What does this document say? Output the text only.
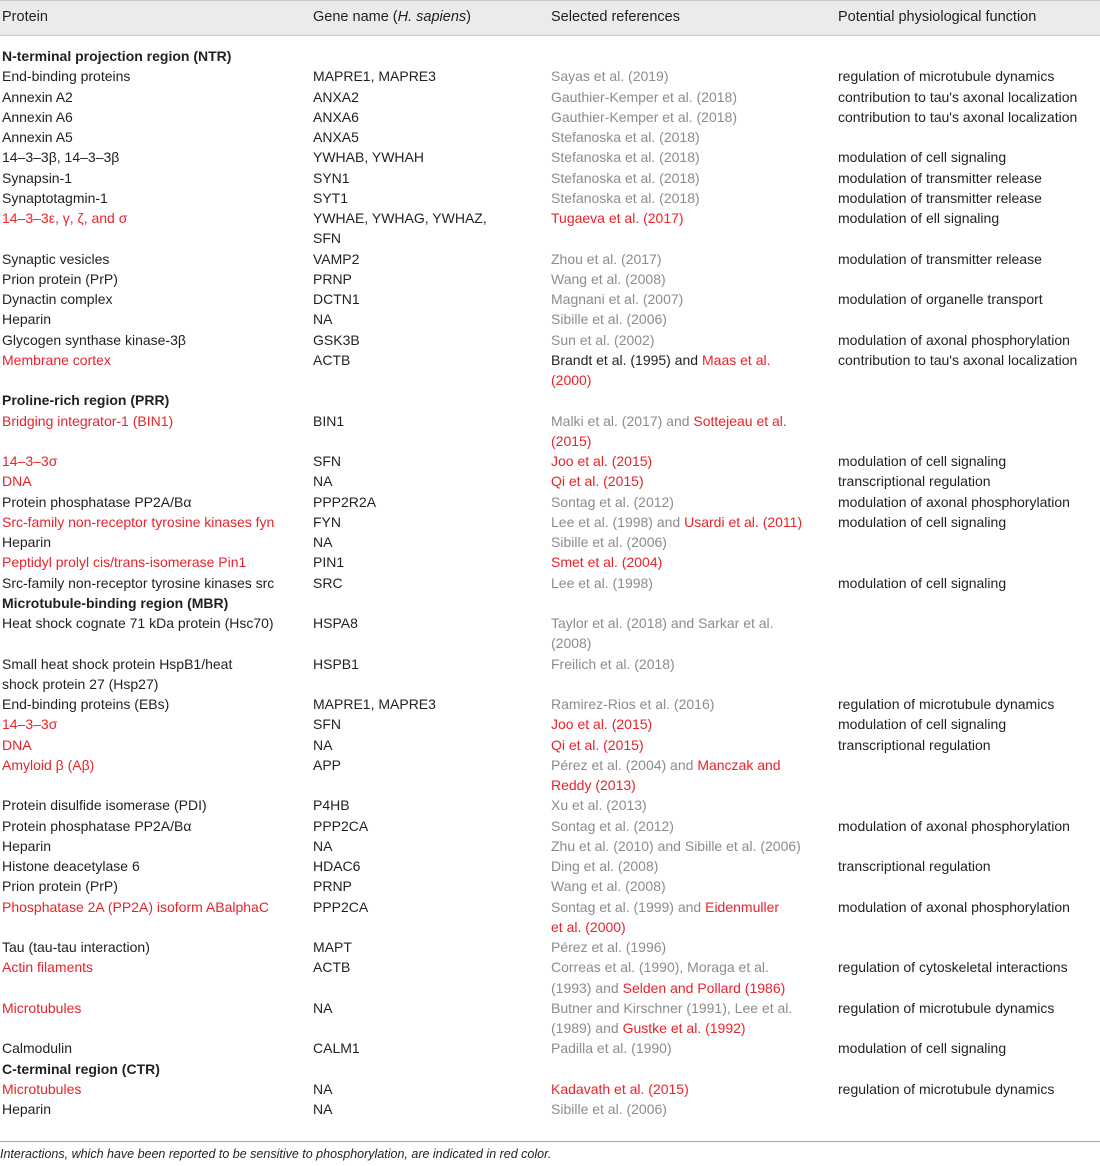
Protein	Gene name (H. sapiens)	Selected references	Potential physiological function
N-terminal projection region (NTR)
End-binding proteins	MAPRE1, MAPRE3	Sayas et al. (2019)	regulation of microtubule dynamics
Annexin A2	ANXA2	Gauthier-Kemper et al. (2018)	contribution to tau's axonal localization
Annexin A6	ANXA6	Gauthier-Kemper et al. (2018)	contribution to tau's axonal localization
Annexin A5	ANXA5	Stefanoska et al. (2018)
14–3–3β, 14–3–3β	YWHAB, YWHAH	Stefanoska et al. (2018)	modulation of cell signaling
Synapsin-1	SYN1	Stefanoska et al. (2018)	modulation of transmitter release
Synaptotagmin-1	SYT1	Stefanoska et al. (2018)	modulation of transmitter release
14–3–3ε, γ, ζ, and σ	YWHAE, YWHAG, YWHAZ,	Tugaeva et al. (2017)	modulation of ell signaling
SFN
Synaptic vesicles	VAMP2	Zhou et al. (2017)	modulation of transmitter release
Prion protein (PrP)	PRNP	Wang et al. (2008)
Dynactin complex	DCTN1	Magnani et al. (2007)	modulation of organelle transport
Heparin	NA	Sibille et al. (2006)
Glycogen synthase kinase-3β	GSK3B	Sun et al. (2002)	modulation of axonal phosphorylation
Membrane cortex	ACTB	Brandt et al. (1995) and Maas et al.	contribution to tau's axonal localization
(2000)
Proline-rich region (PRR)
Bridging integrator-1 (BIN1)	BIN1	Malki et al. (2017) and Sottejeau et al.
(2015)
14–3–3σ	SFN	Joo et al. (2015)	modulation of cell signaling
DNA	NA	Qi et al. (2015)	transcriptional regulation
Protein phosphatase PP2A/Bα	PPP2R2A	Sontag et al. (2012)	modulation of axonal phosphorylation
Src-family non-receptor tyrosine kinases fyn	FYN	Lee et al. (1998) and Usardi et al. (2011)	modulation of cell signaling
Heparin	NA	Sibille et al. (2006)
Peptidyl prolyl cis/trans-isomerase Pin1	PIN1	Smet et al. (2004)
Src-family non-receptor tyrosine kinases src	SRC	Lee et al. (1998)	modulation of cell signaling
Microtubule-binding region (MBR)
Heat shock cognate 71 kDa protein (Hsc70)	HSPA8	Taylor et al. (2018) and Sarkar et al.
(2008)
Small heat shock protein HspB1/heat	HSPB1	Freilich et al. (2018)
shock protein 27 (Hsp27)
End-binding proteins (EBs)	MAPRE1, MAPRE3	Ramirez-Rios et al. (2016)	regulation of microtubule dynamics
14–3–3σ	SFN	Joo et al. (2015)	modulation of cell signaling
DNA	NA	Qi et al. (2015)	transcriptional regulation
Amyloid β (Aβ)	APP	Pérez et al. (2004) and Manczak and
Reddy (2013)
Protein disulfide isomerase (PDI)	P4HB	Xu et al. (2013)
Protein phosphatase PP2A/Bα	PPP2CA	Sontag et al. (2012)	modulation of axonal phosphorylation
Heparin	NA	Zhu et al. (2010) and Sibille et al. (2006)
Histone deacetylase 6	HDAC6	Ding et al. (2008)	transcriptional regulation
Prion protein (PrP)	PRNP	Wang et al. (2008)
Phosphatase 2A (PP2A) isoform ABalphaC	PPP2CA	Sontag et al. (1999) and Eidenmuller	modulation of axonal phosphorylation
et al. (2000)
Tau (tau-tau interaction)	MAPT	Pérez et al. (1996)
Actin filaments	ACTB	Correas et al. (1990), Moraga et al.	regulation of cytoskeletal interactions
(1993) and Selden and Pollard (1986)
Microtubules	NA	Butner and Kirschner (1991), Lee et al.	regulation of microtubule dynamics
(1989) and Gustke et al. (1992)
Calmodulin	CALM1	Padilla et al. (1990)	modulation of cell signaling
C-terminal region (CTR)
Microtubules	NA	Kadavath et al. (2015)	regulation of microtubule dynamics
Heparin	NA	Sibille et al. (2006)
Interactions, which have been reported to be sensitive to phosphorylation, are indicated in red color.
